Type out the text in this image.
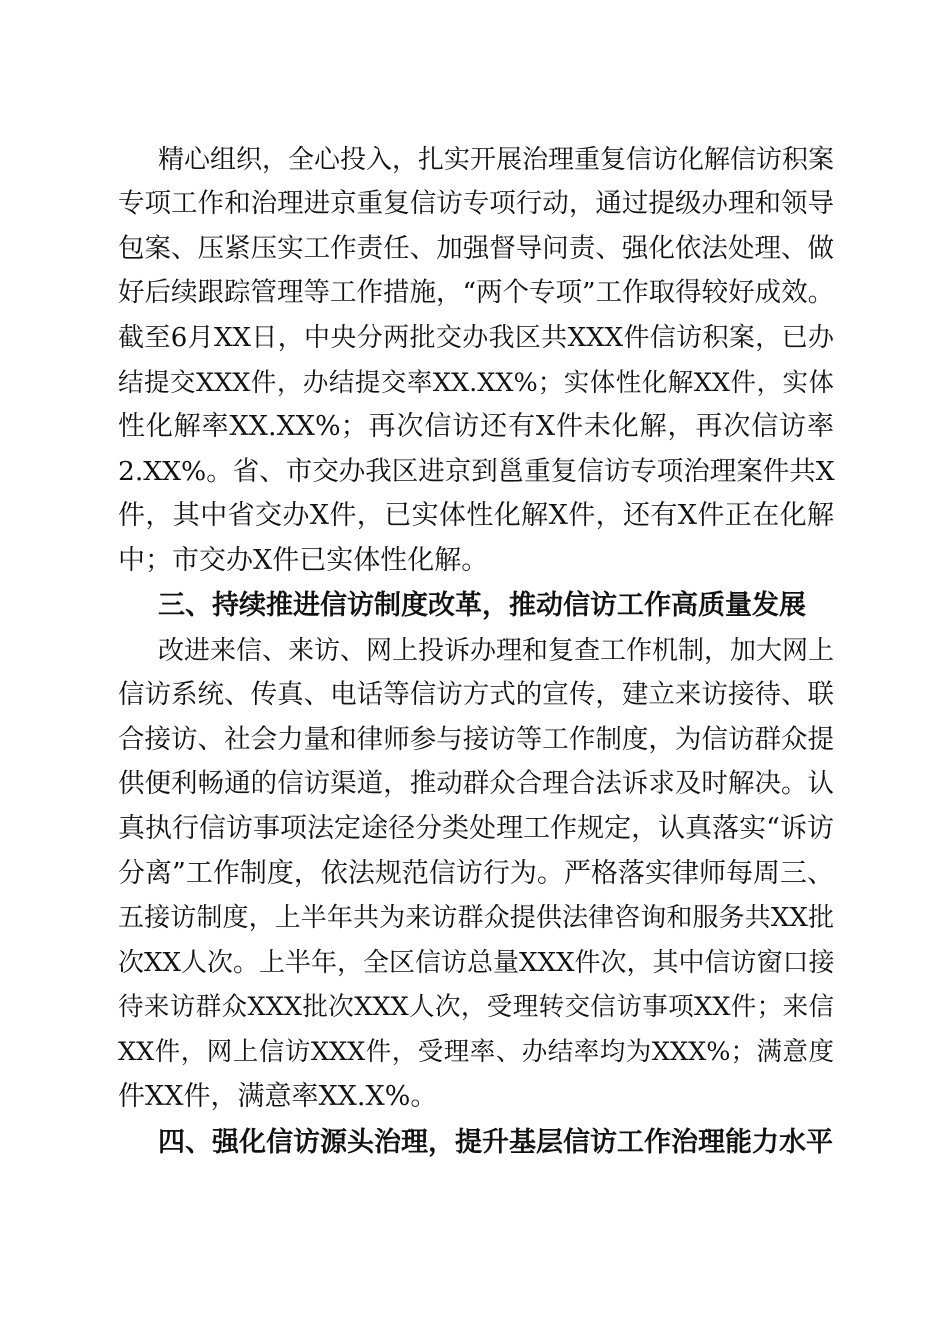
精心组织，全心投入，扎实开展治理重复信访化解信访积案
专项工作和治理进京重复信访专项行动，通过提级办理和领导
包案、压紧压实工作责任、加强督导问责、强化依法处理、做
好后续跟踪管理等工作措施，“两个专项”工作取得较好成效。
截至6月XX日，中央分两批交办我区共XXX件信访积案，已办
结提交XXX件，办结提交率XX.XX%；实体性化解XX件，实体
性化解率XX.XX%；再次信访还有X件未化解，再次信访率
2.XX%。省、市交办我区进京到邕重复信访专项治理案件共X
件，其中省交办X件，已实体性化解X件，还有X件正在化解
中；市交办X件已实体性化解。
三、持续推进信访制度改革，推动信访工作高质量发展
改进来信、来访、网上投诉办理和复查工作机制，加大网上
信访系统、传真、电话等信访方式的宣传，建立来访接待、联
合接访、社会力量和律师参与接访等工作制度，为信访群众提
供便利畅通的信访渠道，推动群众合理合法诉求及时解决。认
真执行信访事项法定途径分类处理工作规定，认真落实“诉访
分离”工作制度，依法规范信访行为。严格落实律师每周三、
五接访制度，上半年共为来访群众提供法律咨询和服务共XX批
次XX人次。上半年，全区信访总量XXX件次，其中信访窗口接
待来访群众XXX批次XXX人次，受理转交信访事项XX件；来信
XX件，网上信访XXX件，受理率、办结率均为XXX%；满意度
件XX件，满意率XX.X%。
四、强化信访源头治理，提升基层信访工作治理能力水平
